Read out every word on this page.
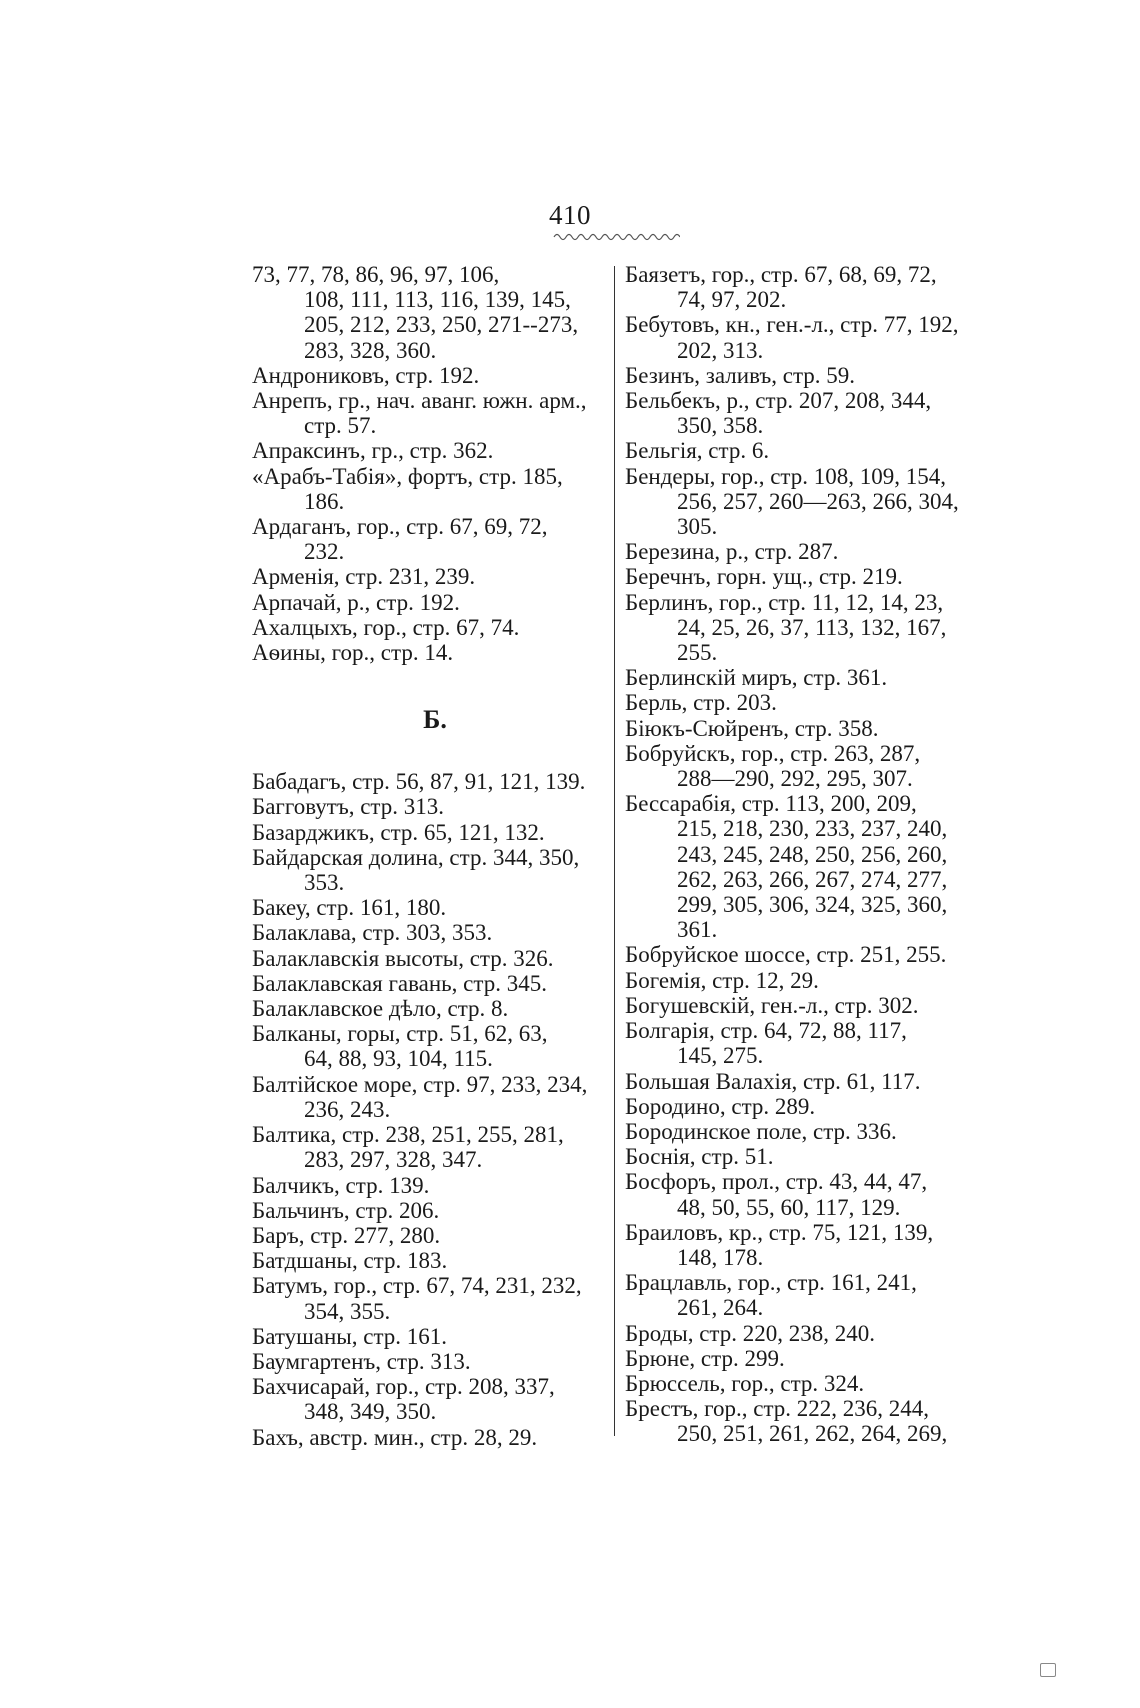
410
73, 77, 78, 86, 96, 97, 106,
108, 111, 113, 116, 139, 145,
205, 212, 233, 250, 271--273,
283, 328, 360.
Андрониковъ, стр. 192.
Анрепъ, гр., нач. аванг. южн. арм.,
стр. 57.
Апраксинъ, гр., стр. 362.
«Арабъ-Табія», фортъ, стр. 185,
186.
Ардаганъ, гор., стр. 67, 69, 72,
232.
Арменія, стр. 231, 239.
Арпачай, р., стр. 192.
Ахалцыхъ, гор., стр. 67, 74.
Аѳины, гор., стр. 14.
Б.
Бабадагъ, стр. 56, 87, 91, 121, 139.
Багговутъ, стр. 313.
Базарджикъ, стр. 65, 121, 132.
Байдарская долина, стр. 344, 350,
353.
Бакеу, стр. 161, 180.
Балаклава, стр. 303, 353.
Балаклавскія высоты, стр. 326.
Балаклавская гавань, стр. 345.
Балаклавское дѣло, стр. 8.
Балканы, горы, стр. 51, 62, 63,
64, 88, 93, 104, 115.
Балтійское море, стр. 97, 233, 234,
236, 243.
Балтика, стр. 238, 251, 255, 281,
283, 297, 328, 347.
Балчикъ, стр. 139.
Бальчинъ, стр. 206.
Баръ, стр. 277, 280.
Батдшаны, стр. 183.
Батумъ, гор., стр. 67, 74, 231, 232,
354, 355.
Батушаны, стр. 161.
Баумгартенъ, стр. 313.
Бахчисарай, гор., стр. 208, 337,
348, 349, 350.
Бахъ, австр. мин., стр. 28, 29.
Баязетъ, гор., стр. 67, 68, 69, 72,
74, 97, 202.
Бебутовъ, кн., ген.-л., стр. 77, 192,
202, 313.
Безинъ, заливъ, стр. 59.
Бельбекъ, р., стр. 207, 208, 344,
350, 358.
Бельгія, стр. 6.
Бендеры, гор., стр. 108, 109, 154,
256, 257, 260—263, 266, 304,
305.
Березина, р., стр. 287.
Беречнъ, горн. ущ., стр. 219.
Берлинъ, гор., стр. 11, 12, 14, 23,
24, 25, 26, 37, 113, 132, 167,
255.
Берлинскій миръ, стр. 361.
Берль, стр. 203.
Біюкъ-Сюйренъ, стр. 358.
Бобруйскъ, гор., стр. 263, 287,
288—290, 292, 295, 307.
Бессарабія, стр. 113, 200, 209,
215, 218, 230, 233, 237, 240,
243, 245, 248, 250, 256, 260,
262, 263, 266, 267, 274, 277,
299, 305, 306, 324, 325, 360,
361.
Бобруйское шоссе, стр. 251, 255.
Богемія, стр. 12, 29.
Богушевскій, ген.-л., стр. 302.
Болгарія, стр. 64, 72, 88, 117,
145, 275.
Большая Валахія, стр. 61, 117.
Бородино, стр. 289.
Бородинское поле, стр. 336.
Боснія, стр. 51.
Босфоръ, прол., стр. 43, 44, 47,
48, 50, 55, 60, 117, 129.
Браиловъ, кр., стр. 75, 121, 139,
148, 178.
Брацлавль, гор., стр. 161, 241,
261, 264.
Броды, стр. 220, 238, 240.
Брюне, стр. 299.
Брюссель, гор., стр. 324.
Брестъ, гор., стр. 222, 236, 244,
250, 251, 261, 262, 264, 269,
